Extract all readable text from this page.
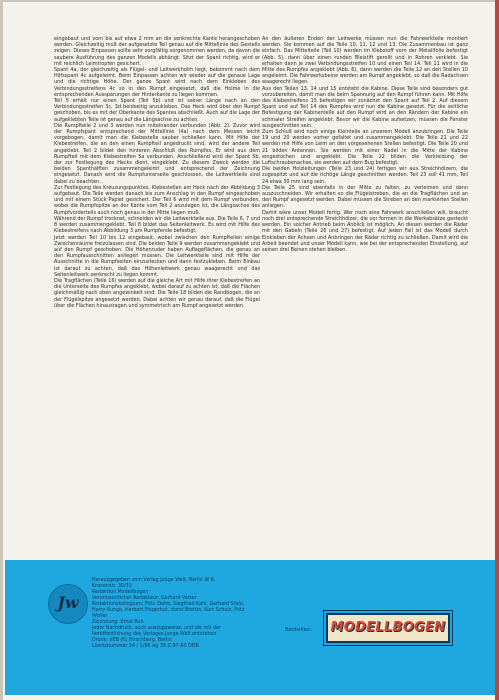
eingebaut und vorn bis auf etwa 2 mm an die senkrechte Kante herangeschoben werden. Gleichzeitig muß der aufgesetzte Teil genau auf die Mittellinie des Gestells zeigen. Dieses Einpassen sollte sehr sorgfältig vorgenommen werden, da davon die saubere Ausführung des ganzen Modells abhängt. Sitzt der Spant richtig, wird er mit reichlich Leimtropfen gesichert.

Spant 4a, der gleichzeitig als Flügel- und Leitwerkholm liegt, bekommt nach dem Hilfsspant 4c aufgeleimt. Beim Einpassen achten wir wieder auf die genaue Lage und die richtige Höhe. Der ganze Spant wird nach dem Einkleben des Verbindungsstreifens 4c so in den Rumpf eingesetzt, daß die Holme in die entsprechenden Aussparungen der Hinterkante zu liegen kommen.

Teil 5 erhält nur einen Spant (Teil 5b) und ist seiner Länge nach an den Verbindungsstreifen 3c, 3d beidseitig anzukleben. Das Heck wird über den Rumpf geschoben, bis es mit der Oberkante des Spantes abschließt. Auch auf die Lage der aufgeklebten Teile ist genau auf die Längsachse zu achten.

Die Rumpfteile 2 und 3 werden nun miteinander verbunden (Abb. 2). Zuvor wird der Rumpfspant entsprechend der Mittellinie (4a) nach dem Messen leicht vorgebogen, damit man die Klebestelle sauber schließen kann. Mit Hilfe der Klebestreifen, die an den einen Rumpfteil angedruckt sind, wird der andere Teil angeklebt. Teil 2 bildet den hinteren Abschluß des Rumpfes. Er wird aus dem Rumpfteil mit dem Klebestreifen 5a verbunden. Anschließend wird der Spant 5b, der zur Festlegung des Hecks dient, eingeklebt. Zu diesem Zweck werden die beiden Spanthälften zusammengeleimt und entsprechend der Zeichnung eingesetzt. Danach wird die Rumpfunterseite geschlossen, die Leitwerkteile sind dabei zu beachten.

Zur Festlegung des Kreuzungspunktes, Klebestellen am Heck nach der Abbildung 3 aufgebaut. Die Teile werden danach bis zum Anschlag in den Rumpf eingeschoben und mit einem Stück Papier gesichert. Der Teil 6 wird mit dem Rumpf verbunden, wobei die Rumpfspitze an der Kante vom Teil 2 anzulegen ist, die Längsachse des Rumpfvorderteils auch noch genau in der Mitte liegen muß.

Während der Rumpf trocknet, schneiden wir die Leitwerkteile aus. Die Teile 6, 7 und 8 werden zusammengeklebt. Teil 8 bildet das Seitenleitwerk. Es wird mit Hilfe des Klebestreifens nach Abbildung 3 am Rumpfende befestigt.

Jetzt werden Teil 10 bis 12 eingebaut, wobei zwischen den Rumpfteilen einige Zwischenräume freizulassen sind. Die beiden Teile 9 werden zusammengeklebt und auf den Rumpf geschoben. Die Höhenruder haben Auflageflächen, die genau an den Rumpfausschnitten anliegen müssen. Die Leitwerkteile sind mit Hilfe der Ausschnitte in die Rumpfseiten einzustecken und dann festzukleben. Beim Einbau ist darauf zu achten, daß das Höhenleitwerk genau waagerecht und das Seitenleitwerk senkrecht zu liegen kommt.

Die Tragflächen (Teile 16) werden auf die gleiche Art mit Hilfe ihrer Klebestreifen an die Unterseite des Rumpfes angeklebt, wobei darauf zu achten ist, daß die Flächen gleichmäßig nach oben angewinkelt sind. Die Teile 18 bilden die Randbogen, die an der Flügelspitze angesetzt werden. Dabei achten wir genau darauf, daß die Flügel über die Flächen hinausragen und symmetrisch am Rumpf angesetzt werden.

An den äußeren Enden der Leitwerke müssen nun die Fahrwerkteile montiert werden. Sie kommen auf die Teile 10, 11, 12 und 13. Die Zusammenbau ist ganz einfach. Das Mittelteile (Teil 10) werden im Klebstoff vorn der Metallfolie befestigt (Abb. 5), dann über einen runden Bleistift gerollt und in Rohren verklebt. Sie erhalten dann je zwei Verbindungsstreifen 10 und einen Teil 14. Teil 11 wird in die Mitte des Rumpfes angeklebt (Abb. 6), dann werden die Teile 12 an den Stellen 10 angeleimt. Die Fahrwerksbeine werden am Rumpf angeklebt, so daß die Radachsen waagerecht liegen.

Aus den Teilen 13, 14 und 15 entsteht die Kabine. Diese Teile sind besonders gut vorzubereiten, damit man die beim Spannung auf den Rumpf führen kann. Mit Hilfe des Klebestreifens 15 befestigen wir zunächst den Spant auf Teil 2. Auf diesem Spant und auf Teil 14 des Rumpfes wird nun die Kabine gesetzt. Für die seitliche Befestigung der Kabinenteile auf den Rumpf wird an den Rändern der Kabine ein schmaler Streifen angeklebt. Bevor wir die Kabine aufsetzen, müssen die Fenster ausgeschnitten sein.

Zum Schluß wird noch einige Kleinteile an unserem Modell anzubringen. Die Teile 19 und 20 werden vorher gefaltet und zusammengeklebt. Die Teile 21 und 22 werden mit Hilfe von Leim an den vorgesehenen Stellen befestigt. Die Teile 20 und 21 bilden Antennen. Sie werden mit einer Nadel in die Mitte der Kabine eingestochen und angeklebt. Die Teile 22 bilden die Verkleidung der Luftschraubenachse, sie werden auf dem Bug befestigt.

Die beiden Holzleitungen (Teile 23 und 24) fertigen wir aus Streichhölzern, die zugespitzt und auf die richtige Länge geschnitten werden. Teil 23 soll 41 mm, Teil 24 etwa 30 mm lang sein.

Die Teile 25 sind ebenfalls in der Mitte zu falten, zu verleimen und dann auszuschneiden. Wir erhalten so die Flügelstreben, die an die Tragflächen und an den Rumpf angesetzt werden. Dabei müssen die Streben an den markierten Stellen anliegen.

Damit wäre unser Modell fertig. Wer noch eine Fahrwerk anschließen will, braucht noch drei entsprechende Streichhölzer, die vor formen in die Werkabsätze gesteckt werden. Ein solcher Antrieb beim Anblick ist möglich. An diesen werden die Räder mit den Gabeln (Teile 26 und 27) befestigt. Auf jeden Fall ist das Modell durch Einkleben der Achsen und Anbringen der Räder richtig zu schließen. Damit wird die Arbeit beendet und unser Modell kann, wie bei der entsprechenden Einstellung, auf seinen drei Beinen stehen bleiben.

Jw
Herausgegeben vom Verlag Junge Welt, Berlin W 8,
Kronenstr. 30/31
Redaktion Modellbogen
Verantwortlicher Redakteur: Gerhard Vetter
Redaktionskollegium: Fritz Ziehe, Siegfried Kahl, Gerhard Stahl,
Harry Runge, Herbert Fingerhut, Horst Brettin, Kurt Schulz, Fritz
Wolter
Zeichnung: Ernst Ruh
Jeder Nachdruck, auch auszugsweise, und die mit der
Veröffentlichung des Verlages Junge Welt entstehen
Druck: VEB (K) Hirschberg, Berlin
Lizenznummer 24 / 1/96 Ag 35-Z-97-60 DDR
Bestellen: MODELLBOGEN
